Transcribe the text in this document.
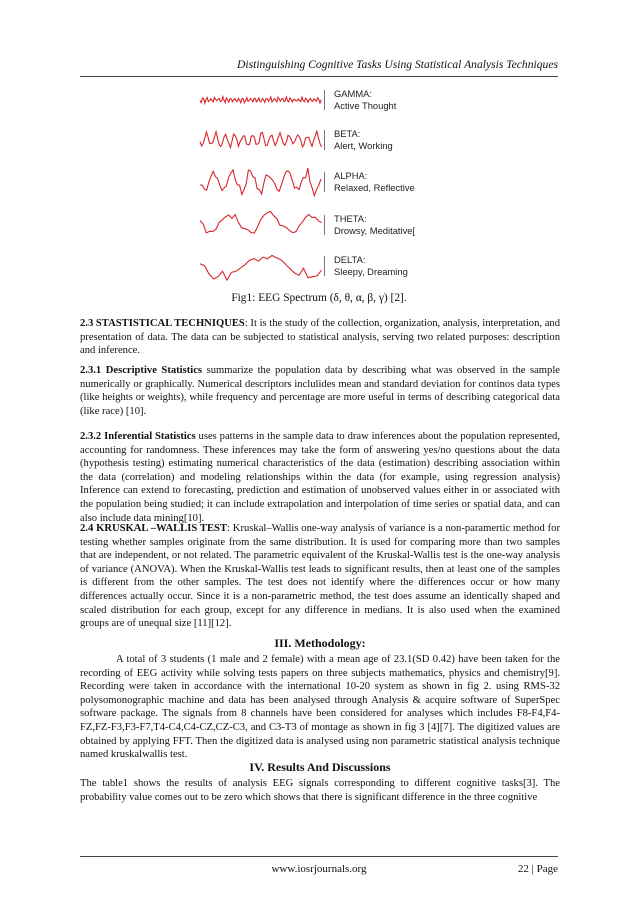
Distinguishing Cognitive Tasks Using Statistical Analysis Techniques
GAMMA:
Active Thought
BETA:
Alert, Working
ALPHA:
Relaxed, Reflective
THETA:
Drowsy, Meditative[
DELTA:
Sleepy, Dreaming
Fig1: EEG Spectrum (δ, θ, α, β, γ) [2].

2.3 STASTISTICAL TECHNIQUES: It is the study of the collection, organization, analysis, interpretation, and presentation of data. The data can be subjected to statistical analysis, serving two related purposes: description and inference.

2.3.1 Descriptive Statistics summarize the population data by describing what was observed in the sample numerically or graphically. Numerical descriptors inclulides mean and standard deviation for continos data types (like heights or weights), while frequency and percentage are more useful in terms of describing categorical data (like race) [10].

2.3.2 Inferential Statistics uses patterns in the sample data to draw inferences about the population represented, accounting for randomness. These inferences may take the form of answering yes/no questions about the data (hypothesis testing) estimating numerical characteristics of the data (estimation) describing association within the data (correlation) and modeling relationships within the data (for example, using regression analysis) Inference can extend to forecasting, prediction and estimation of unobserved values either in or associated with the population being studied; it can include extrapolation and interpolation of time series or spatial data, and can also include data mining[10].

2.4 KRUSKAL –WALLIS TEST: Kruskal–Wallis one-way analysis of variance is a non-paramertic method for testing whether samples originate from the same distribution. It is used for comparing more than two samples that are independent, or not related. The parametric equivalent of the Kruskal-Wallis test is the one-way analysis of variance (ANOVA). When the Kruskal-Wallis test leads to significant results, then at least one of the samples is different from the other samples. The test does not identify where the differences occur or how many differences actually occur. Since it is a non-parametric method, the test does assume an identically shaped and scaled distribution for each group, except for any difference in medians. It is also used when the examined groups are of unequal size [11][12].

III. Methodology:

A total of 3 students (1 male and 2 female) with a mean age of 23.1(SD 0.42) have been taken for the recording of EEG activity while solving tests papers on three subjects mathematics, physics and chemistry[9]. Recording were taken in accordance with the international 10-20 system as shown in fig 2. using RMS-32 polysomonographic machine and data has been analysed through Analysis & acquire software of SuperSpec software package. The signals from 8 channels have been considered for analyses which includes F8-F4,F4-FZ,FZ-F3,F3-F7,T4-C4,C4-CZ,CZ-C3, and C3-T3 of montage as shown in fig 3 [4][7]. The digitized values are obtained by applying FFT. Then the digitized data is analysed using non parametric statistical analysis technique named kruskalwallis test.

IV. Results And Discussions

The table1 shows the results of analysis EEG signals corresponding to different cognitive tasks[3]. The probability value comes out to be zero which shows that there is significant difference in the three cognitive

www.iosrjournals.org	22 | Page
